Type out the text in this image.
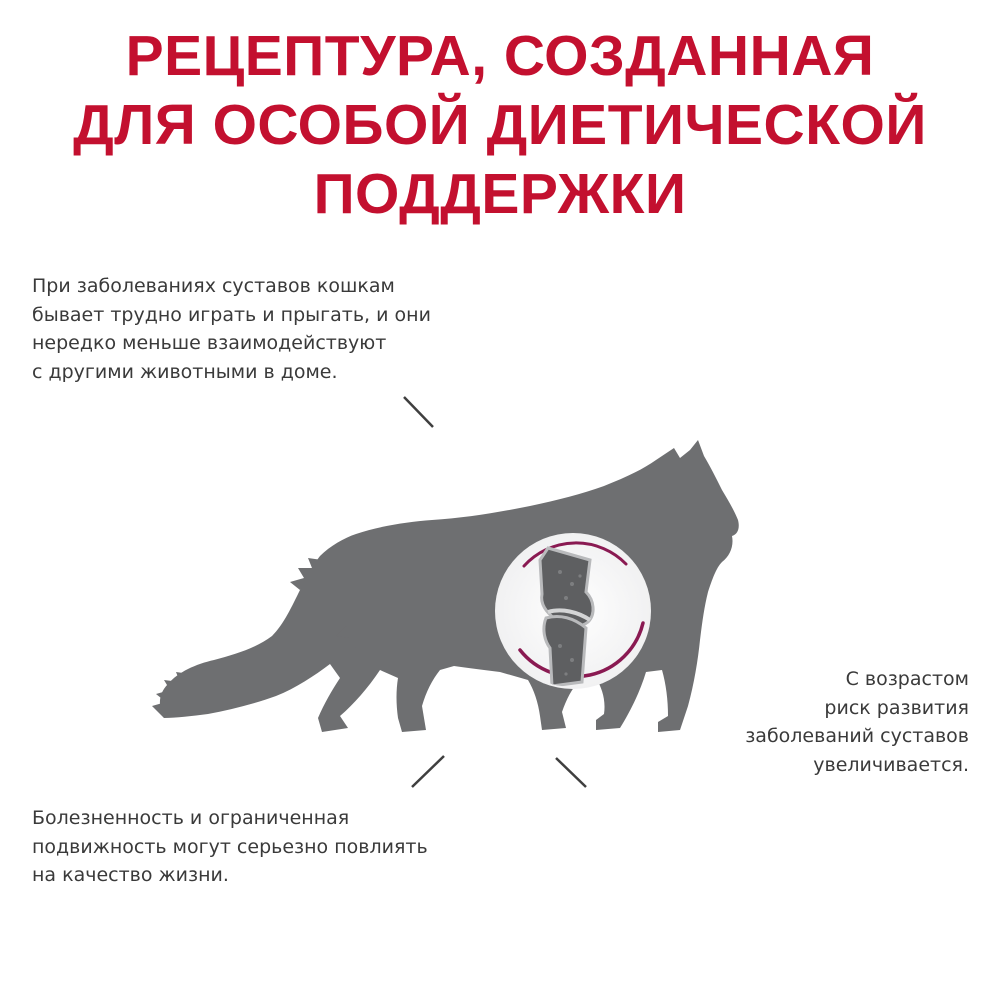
РЕЦЕПТУРА, СОЗДАННАЯ
ДЛЯ ОСОБОЙ ДИЕТИЧЕСКОЙ
ПОДДЕРЖКИ

При заболеваниях суставов кошкам
бывает трудно играть и прыгать, и они
нередко меньше взаимодействуют
с другими животными в доме.

С возрастом
риск развития
заболеваний суставов
увеличивается.

Болезненность и ограниченная
подвижность могут серьезно повлиять
на качество жизни.
